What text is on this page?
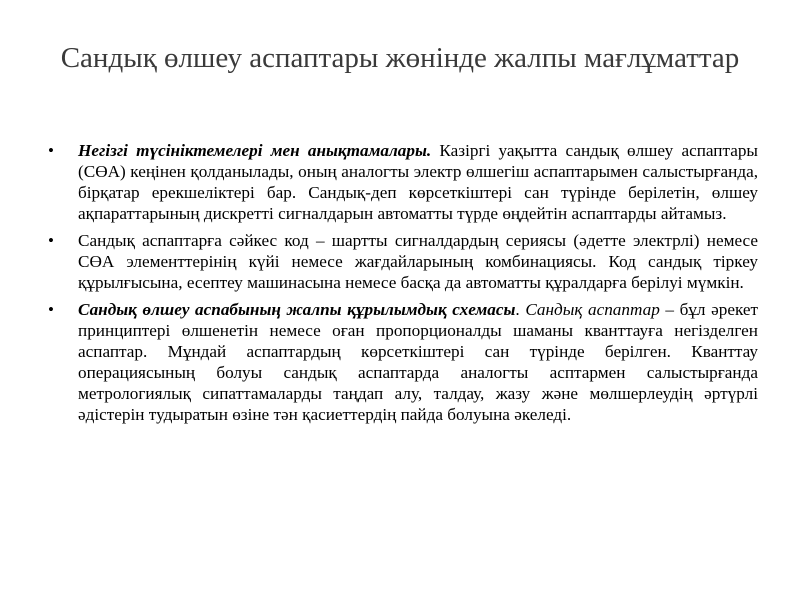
Сандық өлшеу аспаптары жөнінде жалпы мағлұматтар
• Негізгі түсініктемелері мен анықтамалары. Казіргі уақытта сандық өлшеу аспаптары (СӨА) кеңінен қолданылады, оның аналогты электр өлшегіш аспаптарымен салыстырғанда, бірқатар ерекшеліктері бар. Сандық-деп көрсеткіштері сан түрінде берілетін, өлшеу ақпараттарының дискретті сигналдарын автоматты түрде өңдейтін аспаптарды айтамыз.
• Сандық аспаптарға сәйкес код – шартты сигналдардың сериясы (әдетте электрлі) немесе СӨА элементтерінің күйі немесе жағдайларының комбинациясы. Код сандық тіркеу құрылғысына, есептеу машинасына немесе басқа да автоматты құралдарға берілуі мүмкін.
• Сандық өлшеу аспабының жалпы құрылымдық схемасы. Сандық аспаптар – бұл әрекет принциптері өлшенетін немесе оған пропорционалды шаманы кванттауға негізделген аспаптар. Мұндай аспаптардың көрсеткіштері сан түрінде берілген. Кванттау операциясының болуы сандық аспаптарда аналогты асптармен салыстырғанда метрологиялық сипаттамаларды таңдап алу, талдау, жазу және мөлшерлеудің әртүрлі әдістерін тудыратын өзіне тән қасиеттердің пайда болуына әкеледі.
